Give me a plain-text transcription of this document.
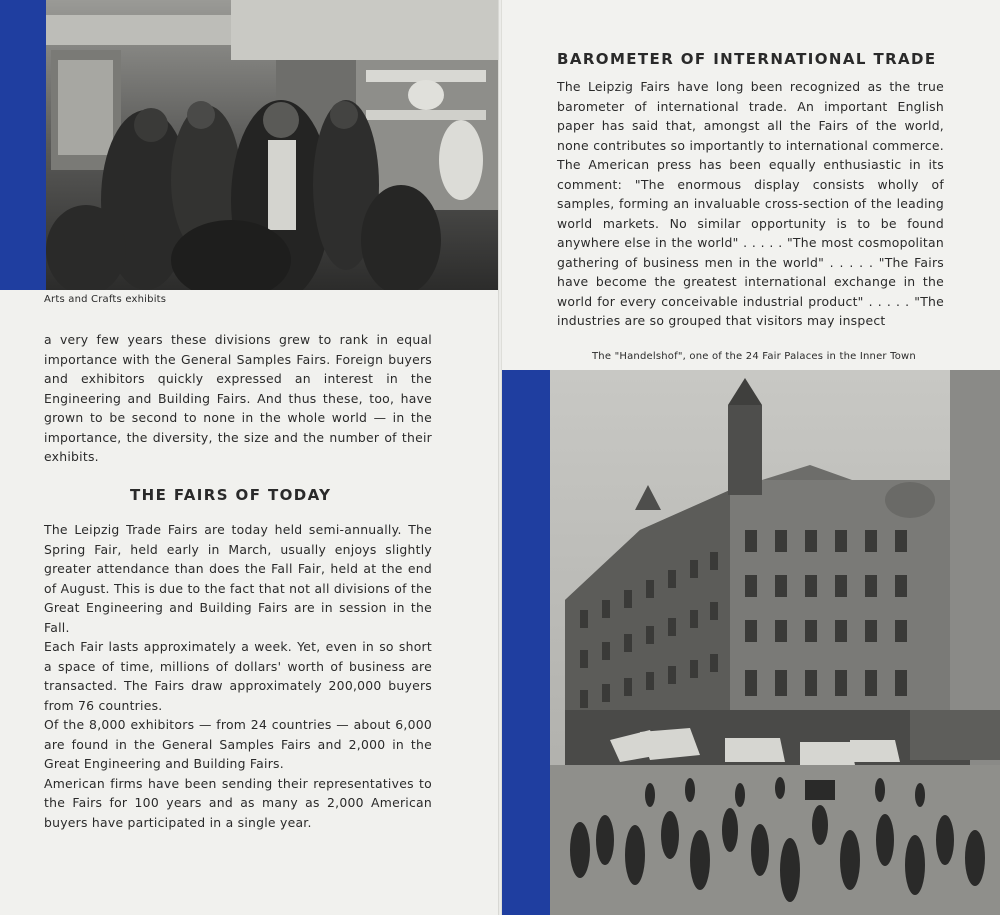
Arts and Crafts exhibits

a very few years these divisions grew to rank in equal importance with the General Samples Fairs. Foreign buyers and exhibitors quickly expressed an interest in the Engineering and Building Fairs. And thus these, too, have grown to be second to none in the whole world — in the importance, the diversity, the size and the number of their exhibits.

THE FAIRS OF TODAY

The Leipzig Trade Fairs are today held semi-annually. The Spring Fair, held early in March, usually enjoys slightly greater attendance than does the Fall Fair, held at the end of August. This is due to the fact that not all divisions of the Great Engineering and Building Fairs are in session in the Fall.

Each Fair lasts approximately a week. Yet, even in so short a space of time, millions of dollars' worth of business are transacted. The Fairs draw approximately 200,000 buyers from 76 countries.

Of the 8,000 exhibitors — from 24 countries — about 6,000 are found in the General Samples Fairs and 2,000 in the Great Engineering and Building Fairs.

American firms have been sending their representatives to the Fairs for 100 years and as many as 2,000 American buyers have participated in a single year.

BAROMETER OF INTERNATIONAL TRADE

The Leipzig Fairs have long been recognized as the true barometer of international trade. An important English paper has said that, amongst all the Fairs of the world, none contributes so importantly to international commerce. The American press has been equally enthusiastic in its comment: "The enormous display consists wholly of samples, forming an invaluable cross-section of the leading world markets. No similar opportunity is to be found anywhere else in the world" . . . . . "The most cosmopolitan gathering of business men in the world" . . . . . "The Fairs have become the greatest international exchange in the world for every conceivable industrial product" . . . . . "The industries are so grouped that visitors may inspect

The "Handelshof", one of the 24 Fair Palaces in the Inner Town
